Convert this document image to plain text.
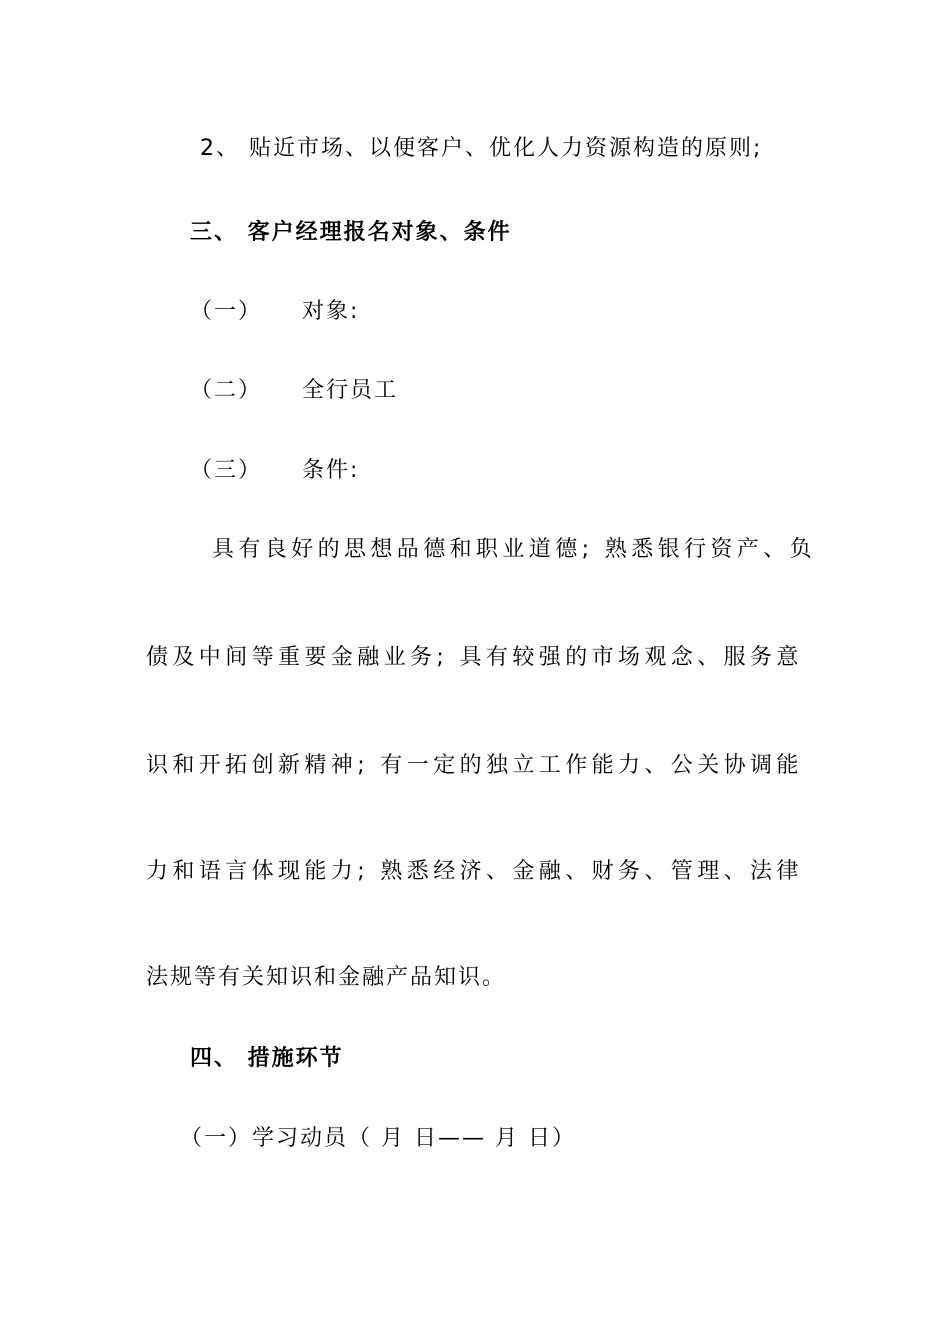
2、 贴近市场、以便客户、优化人力资源构造的原则;
三、 客户经理报名对象、条件
（一） 对象:
（二） 全行员工
（三） 条件:
具有良好的思想品德和职业道德; 熟悉银行资产、负
债及中间等重要金融业务; 具有较强的市场观念、服务意
识和开拓创新精神; 有一定的独立工作能力、公关协调能
力和语言体现能力; 熟悉经济、金融、财务、管理、法律
法规等有关知识和金融产品知识。
四、 措施环节
（一）学习动员（ 月 日—— 月 日）
